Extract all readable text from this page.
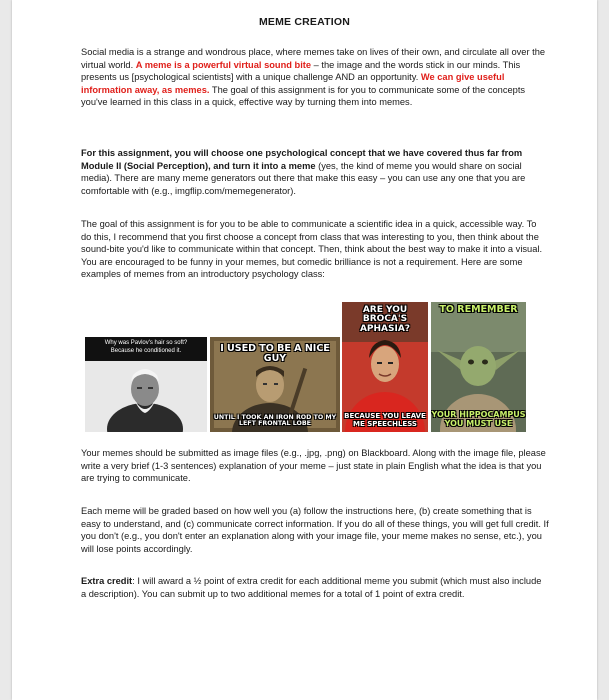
MEME CREATION
Social media is a strange and wondrous place, where memes take on lives of their own, and circulate all over the virtual world. A meme is a powerful virtual sound bite – the image and the words stick in our minds. This presents us [psychological scientists] with a unique challenge AND an opportunity. We can give useful information away, as memes. The goal of this assignment is for you to communicate some of the concepts you've learned in this class in a quick, effective way by turning them into memes.
For this assignment, you will choose one psychological concept that we have covered thus far from Module II (Social Perception), and turn it into a meme (yes, the kind of meme you would share on social media). There are many meme generators out there that make this easy – you can use any one that you are comfortable with (e.g., imgflip.com/memegenerator).
The goal of this assignment is for you to be able to communicate a scientific idea in a quick, accessible way. To do this, I recommend that you first choose a concept from class that was interesting to you, then think about the sound-bite you'd like to communicate within that concept. Then, think about the best way to make it into a visual. You are encouraged to be funny in your memes, but comedic brilliance is not a requirement. Here are some examples of memes from an introductory psychology class:
Why was Pavlov's hair so soft?
Because he conditioned it.	I USED TO BE A NICE GUY
UNTIL I TOOK AN IRON ROD TO MY LEFT FRONTAL LOBE
ARE YOU BROCA'S APHASIA?
BECAUSE YOU LEAVE ME SPEECHLESS
TO REMEMBER
YOUR HIPPOCAMPUS YOU MUST USE
Your memes should be submitted as image files (e.g., .jpg, .png) on Blackboard. Along with the image file, please write a very brief (1-3 sentences) explanation of your meme – just state in plain English what the idea is that you are trying to communicate.
Each meme will be graded based on how well you (a) follow the instructions here, (b) create something that is easy to understand, and (c) communicate correct information. If you do all of these things, you will get full credit. If you don't (e.g., you don't enter an explanation along with your image file, your meme makes no sense, etc.), you will lose points accordingly.
Extra credit: I will award a ½ point of extra credit for each additional meme you submit (which must also include a description). You can submit up to two additional memes for a total of 1 point of extra credit.
